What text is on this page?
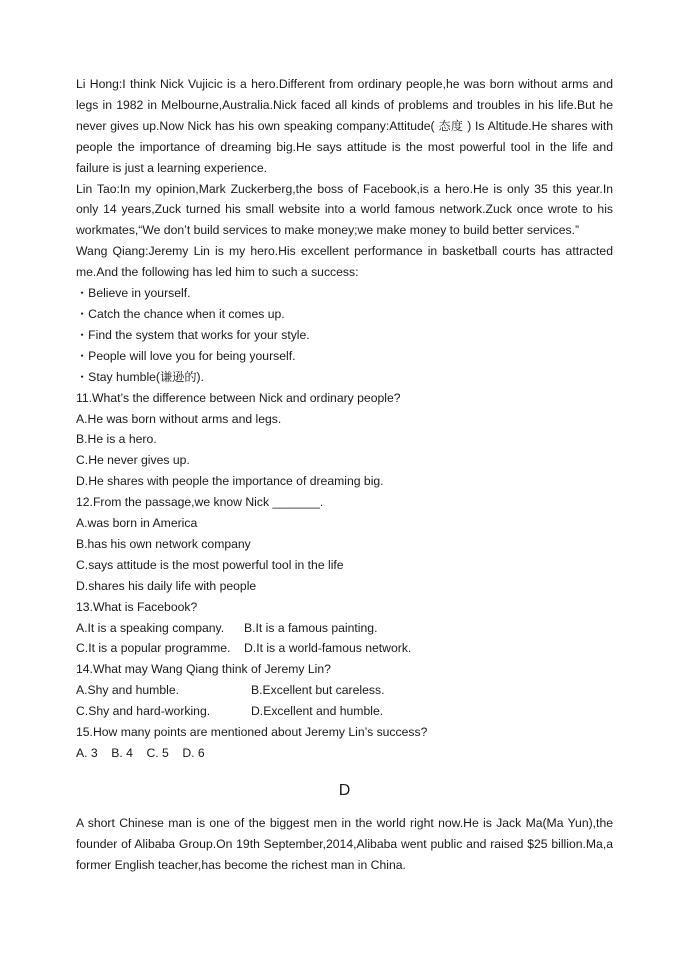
Li Hong:I think Nick Vujicic is a hero.Different from ordinary people,he was born without arms and legs in 1982 in Melbourne,Australia.Nick faced all kinds of problems and troubles in his life.But he never gives up.Now Nick has his own speaking company:Attitude( 态度 ) Is Altitude.He shares with people the importance of dreaming big.He says attitude is the most powerful tool in the life and failure is just a learning experience.

Lin Tao:In my opinion,Mark Zuckerberg,the boss of Facebook,is a hero.He is only 35 this year.In only 14 years,Zuck turned his small website into a world famous network.Zuck once wrote to his workmates,“We don’t build services to make money;we make money to build better services.”

Wang Qiang:Jeremy Lin is my hero.His excellent performance in basketball courts has attracted me.And the following has led him to such a success:

・Believe in yourself.

・Catch the chance when it comes up.

・Find the system that works for your style.

・People will love you for being yourself.

・Stay humble(谦逊的).

11.What’s the difference between Nick and ordinary people?

A.He was born without arms and legs.

B.He is a hero.

C.He never gives up.

D.He shares with people the importance of dreaming big.

12.From the passage,we know Nick _______.

A.was born in America

B.has his own network company

C.says attitude is the most powerful tool in the life

D.shares his daily life with people

13.What is Facebook?

A.It is a speaking company.	B.It is a famous painting.
C.It is a popular programme.	D.It is a world-famous network.

14.What may Wang Qiang think of Jeremy Lin?

A.Shy and humble.	B.Excellent but careless.
C.Shy and hard-working.	D.Excellent and humble.

15.How many points are mentioned about Jeremy Lin’s success?

A. 3    B. 4    C. 5    D. 6

D

A short Chinese man is one of the biggest men in the world right now.He is Jack Ma(Ma Yun),the founder of Alibaba Group.On 19th September,2014,Alibaba went public and raised $25 billion.Ma,a former English teacher,has become the richest man in China.
